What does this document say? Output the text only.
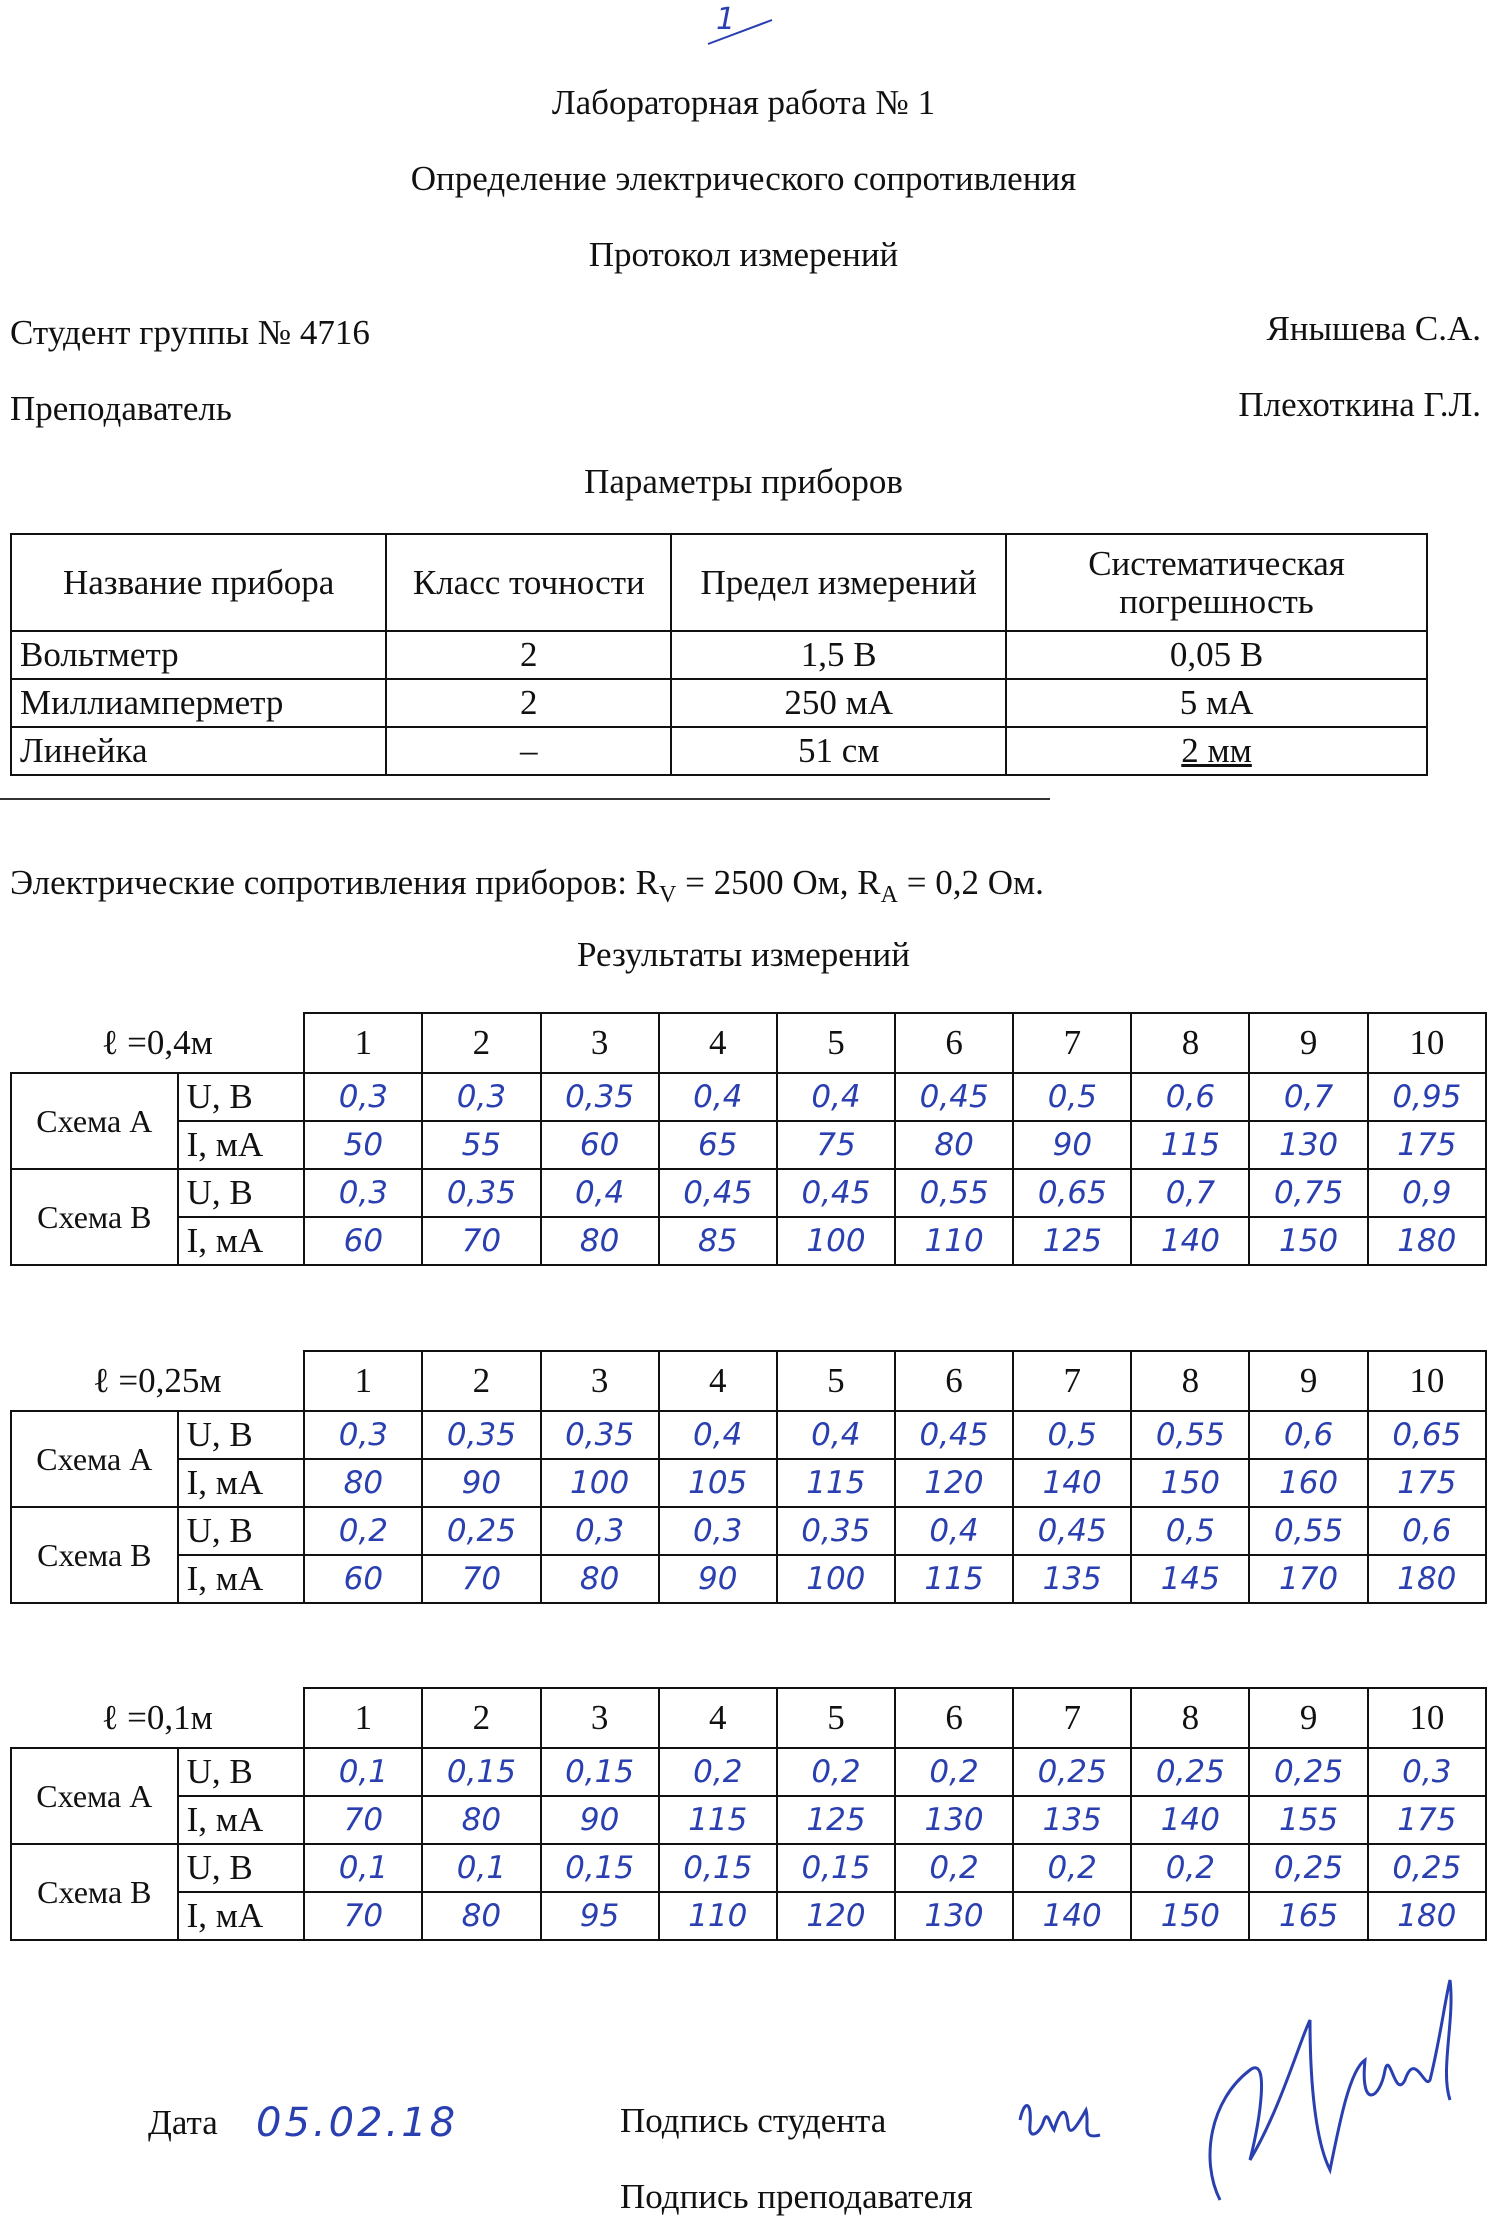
1
Лабораторная работа № 1
Определение электрического сопротивления
Протокол измерений
Студент группы № 4716	Янышева С.А.
Преподаватель	Плехоткина Г.Л.
Параметры приборов
Название прибора	Класс точности	Предел измерений	Систематическая погрешность
Вольтметр	2	1,5 В	0,05 В
Миллиамперметр	2	250 мА	5 мА
Линейка	–	51 см	2 мм
Электрические сопротивления приборов: $R_V = 2500$ Ом, $R_A = 0,2$ Ом.
Результаты измерений
ℓ =0,4м		1	2	3	4	5	6	7	8	9	10
Схема А	U, В	0,3	0,3	0,35	0,4	0,4	0,45	0,5	0,6	0,7	0,95
	I, мА	50	55	60	65	75	80	90	115	130	175
Схема В	U, В	0,3	0,35	0,4	0,45	0,45	0,55	0,65	0,7	0,75	0,9
	I, мА	60	70	80	85	100	110	125	140	150	180
ℓ =0,25м		1	2	3	4	5	6	7	8	9	10
Схема А	U, В	0,3	0,35	0,35	0,4	0,4	0,45	0,5	0,55	0,6	0,65
	I, мА	80	90	100	105	115	120	140	150	160	175
Схема В	U, В	0,2	0,25	0,3	0,3	0,35	0,4	0,45	0,5	0,55	0,6
	I, мА	60	70	80	90	100	115	135	145	170	180
ℓ =0,1м		1	2	3	4	5	6	7	8	9	10
Схема А	U, В	0,1	0,15	0,15	0,2	0,2	0,2	0,25	0,25	0,25	0,3
	I, мА	70	80	90	115	125	130	135	140	155	175
Схема В	U, В	0,1	0,1	0,15	0,15	0,15	0,2	0,2	0,2	0,25	0,25
	I, мА	70	80	95	110	120	130	140	150	165	180
Дата 05.02.18	Подпись студента
Подпись преподавателя
